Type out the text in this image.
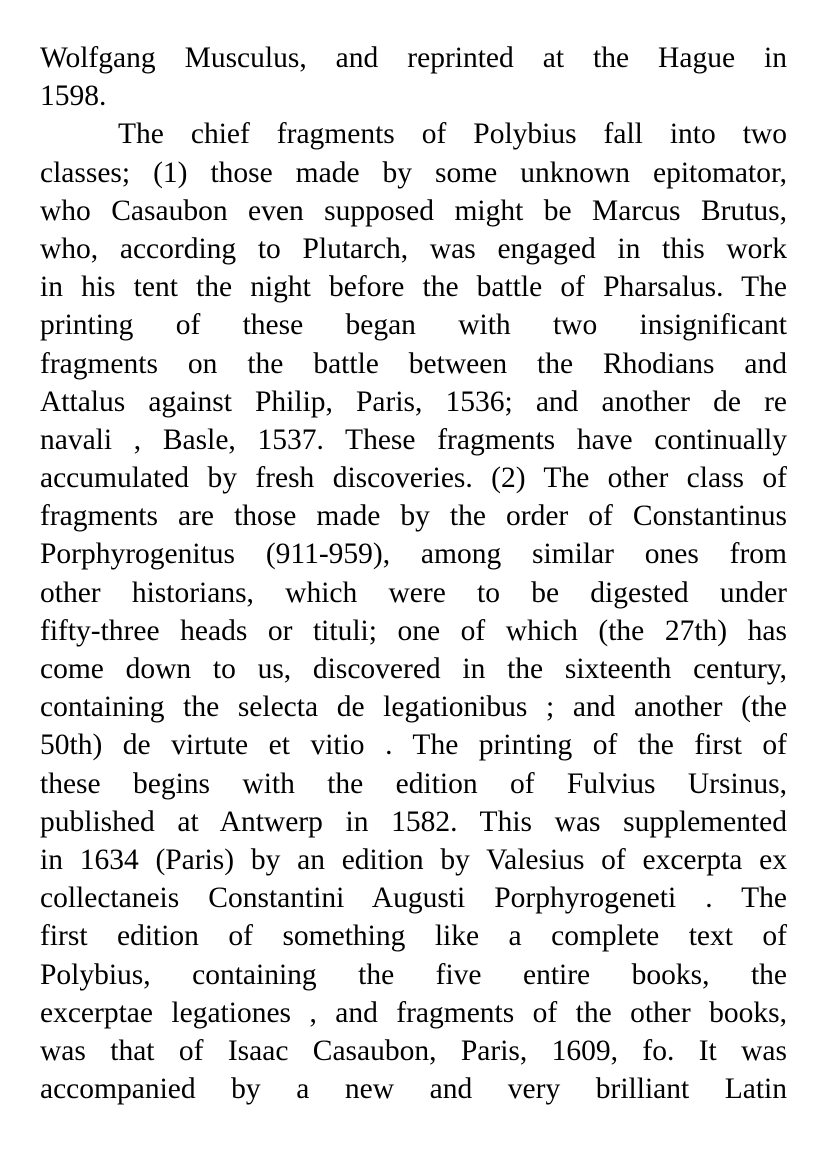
Wolfgang Musculus, and reprinted at the Hague in
1598.
The chief fragments of Polybius fall into two
classes; (1) those made by some unknown epitomator,
who Casaubon even supposed might be Marcus Brutus,
who, according to Plutarch, was engaged in this work
in his tent the night before the battle of Pharsalus. The
printing of these began with two insignificant
fragments on the battle between the Rhodians and
Attalus against Philip, Paris, 1536; and another de re
navali , Basle, 1537. These fragments have continually
accumulated by fresh discoveries. (2) The other class of
fragments are those made by the order of Constantinus
Porphyrogenitus (911-959), among similar ones from
other historians, which were to be digested under
fifty-three heads or tituli; one of which (the 27th) has
come down to us, discovered in the sixteenth century,
containing the selecta de legationibus ; and another (the
50th) de virtute et vitio . The printing of the first of
these begins with the edition of Fulvius Ursinus,
published at Antwerp in 1582. This was supplemented
in 1634 (Paris) by an edition by Valesius of excerpta ex
collectaneis Constantini Augusti Porphyrogeneti . The
first edition of something like a complete text of
Polybius, containing the five entire books, the
excerptae legationes , and fragments of the other books,
was that of Isaac Casaubon, Paris, 1609, fo. It was
accompanied by a new and very brilliant Latin
